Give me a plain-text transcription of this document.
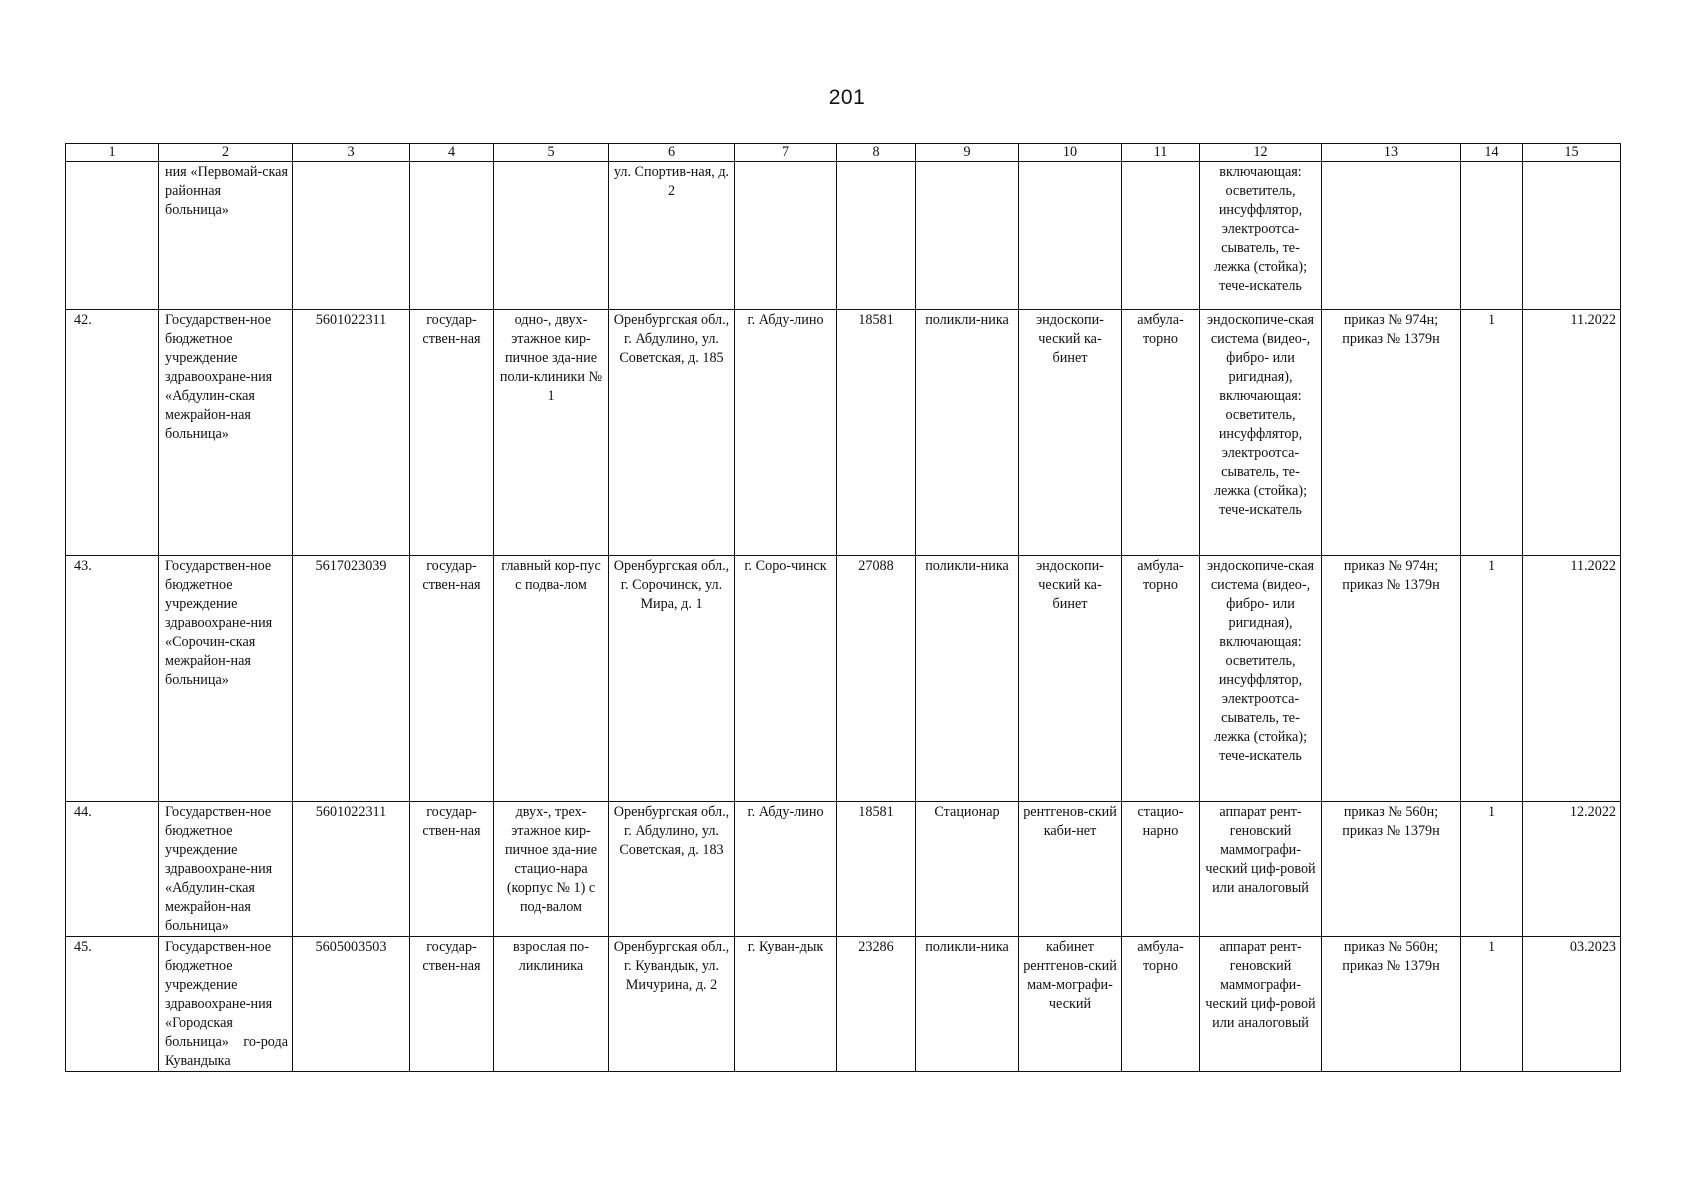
201
1	2	3	4	5	6	7	8	9	10	11	12	13	14	15
	ния «Первомай-ская районная больница»				ул. Спортив-ная, д. 2						включающая: осветитель, инсуффлятор, электроотса-сыватель, те-лежка (стойка); тече-искатель			
42.	Государствен-ное бюджетное учреждение здравоохране-ния «Абдулин-ская межрайон-ная больница»	5601022311	государ-ствен-ная	одно-, двух-этажное кир-пичное зда-ние поли-клиники № 1	Оренбургская обл., г. Абдулино, ул. Советская, д. 185	г. Абду-лино	18581	поликли-ника	эндоскопи-ческий ка-бинет	амбула-торно	эндоскопиче-ская система (видео-, фибро- или ригидная), включающая: осветитель, инсуффлятор, электроотса-сыватель, те-лежка (стойка); тече-искатель	приказ № 974н; приказ № 1379н	1	11.2022
43.	Государствен-ное бюджетное учреждение здравоохране-ния «Сорочин-ская межрайон-ная больница»	5617023039	государ-ствен-ная	главный кор-пус с подва-лом	Оренбургская обл., г. Сорочинск, ул. Мира, д. 1	г. Соро-чинск	27088	поликли-ника	эндоскопи-ческий ка-бинет	амбула-торно	эндоскопиче-ская система (видео-, фибро- или ригидная), включающая: осветитель, инсуффлятор, электроотса-сыватель, те-лежка (стойка); тече-искатель	приказ № 974н; приказ № 1379н	1	11.2022
44.	Государствен-ное бюджетное учреждение здравоохране-ния «Абдулин-ская межрайон-ная больница»	5601022311	государ-ствен-ная	двух-, трех-этажное кир-пичное зда-ние стацио-нара (корпус № 1) с под-валом	Оренбургская обл., г. Абдулино, ул. Советская, д. 183	г. Абду-лино	18581	Стационар	рентгенов-ский каби-нет	стацио-нарно	аппарат рент-геновский маммографи-ческий циф-ровой или аналоговый	приказ № 560н; приказ № 1379н	1	12.2022
45.	Государствен-ное бюджетное учреждение здравоохране-ния «Городская больница» го-рода Кувандыка	5605003503	государ-ствен-ная	взрослая по-ликлиника	Оренбургская обл., г. Кувандык, ул. Мичурина, д. 2	г. Куван-дык	23286	поликли-ника	кабинет рентгенов-ский мам-мографи-ческий	амбула-торно	аппарат рент-геновский маммографи-ческий циф-ровой или аналоговый	приказ № 560н; приказ № 1379н	1	03.2023
